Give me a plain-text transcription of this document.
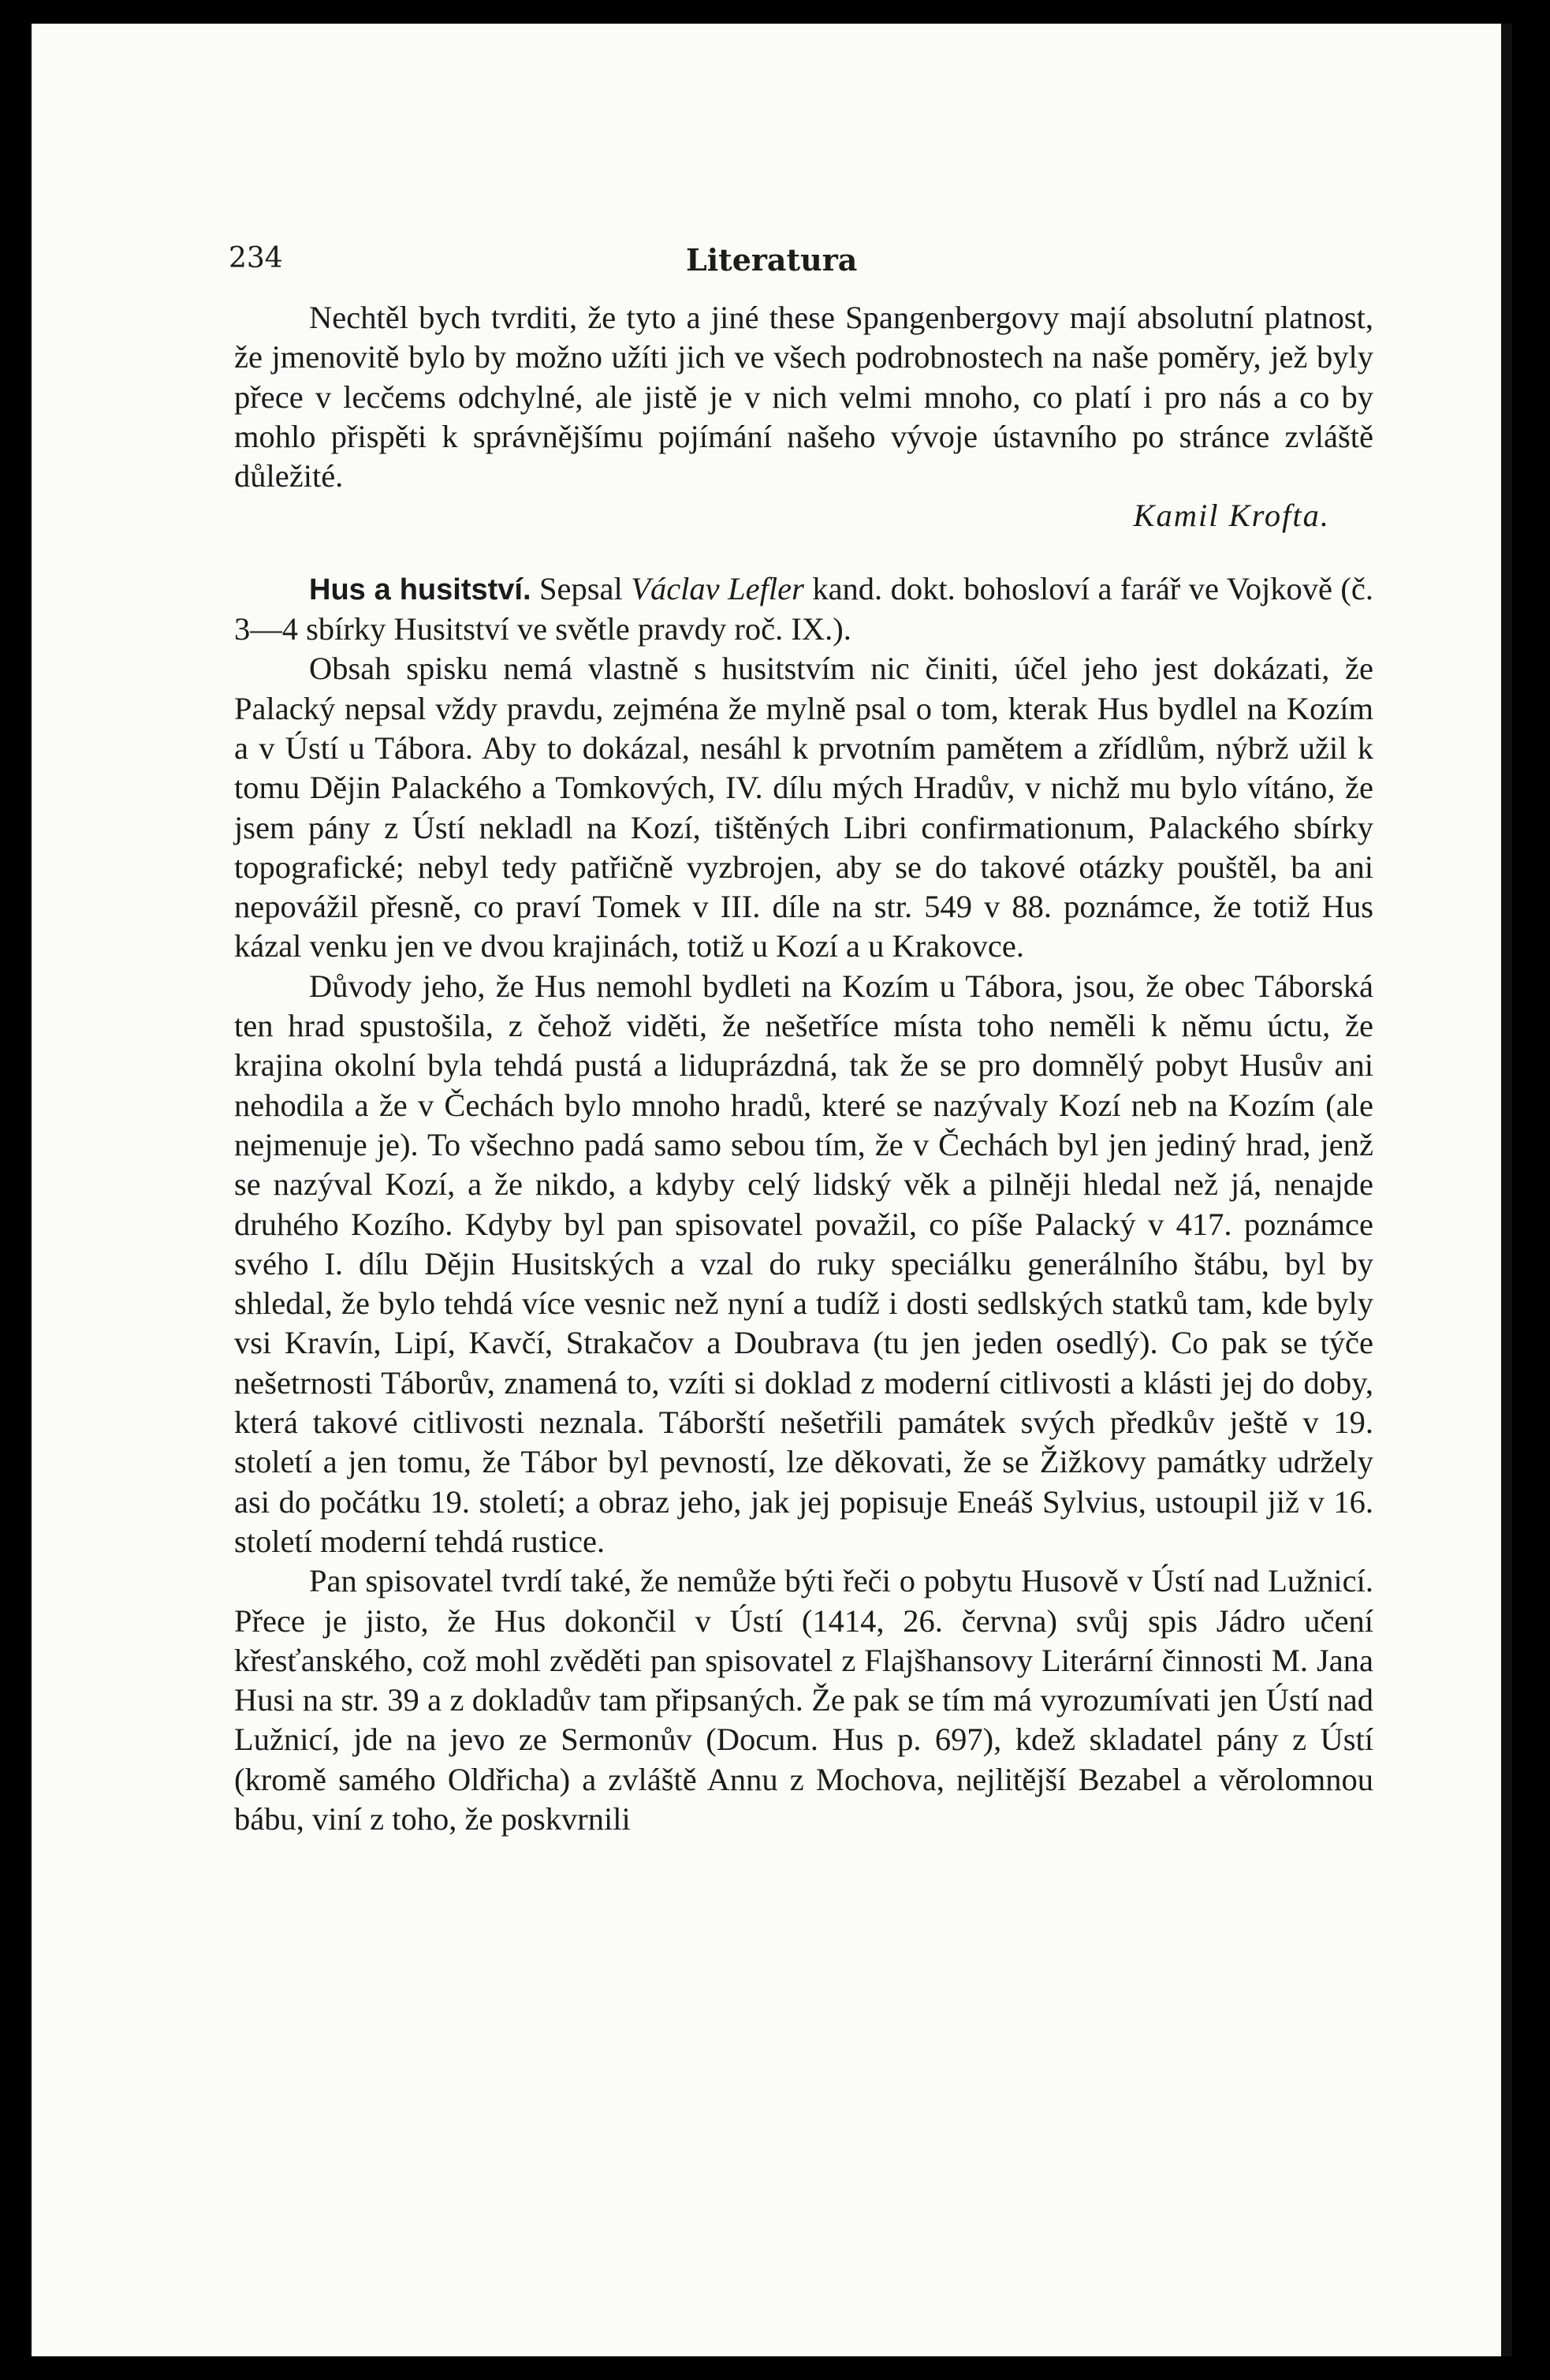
234	Literatura

Nechtěl bych tvrditi, že tyto a jiné these Spangenbergovy mají absolutní platnost, že jmenovitě bylo by možno užíti jich ve všech podrobnostech na naše poměry, jež byly přece v lecčems odchylné, ale jistě je v nich velmi mnoho, co platí i pro nás a co by mohlo přispěti k správnějšímu pojímání našeho vývoje ústavního po stránce zvláště důležité.

Kamil Krofta.

Hus a husitství. Sepsal Václav Lefler kand. dokt. bohosloví a farář ve Vojkově (č. 3—4 sbírky Husitství ve světle pravdy roč. IX.).

Obsah spisku nemá vlastně s husitstvím nic činiti, účel jeho jest dokázati, že Palacký nepsal vždy pravdu, zejména že mylně psal o tom, kterak Hus bydlel na Kozím a v Ústí u Tábora. Aby to dokázal, nesáhl k prvotním pamětem a zřídlům, nýbrž užil k tomu Dějin Palackého a Tomkových, IV. dílu mých Hradův, v nichž mu bylo vítáno, že jsem pány z Ústí nekladl na Kozí, tištěných Libri confirmationum, Palackého sbírky topografické; nebyl tedy patřičně vyzbrojen, aby se do takové otázky pouštěl, ba ani nepovážil přesně, co praví Tomek v III. díle na str. 549 v 88. poznámce, že totiž Hus kázal venku jen ve dvou krajinách, totiž u Kozí a u Krakovce.

Důvody jeho, že Hus nemohl bydleti na Kozím u Tábora, jsou, že obec Táborská ten hrad spustošila, z čehož viděti, že nešetříce místa toho neměli k němu úctu, že krajina okolní byla tehdá pustá a liduprázdná, tak že se pro domnělý pobyt Husův ani nehodila a že v Čechách bylo mnoho hradů, které se nazývaly Kozí neb na Kozím (ale nejmenuje je). To všechno padá samo sebou tím, že v Čechách byl jen jediný hrad, jenž se nazýval Kozí, a že nikdo, a kdyby celý lidský věk a pilněji hledal než já, nenajde druhého Kozího. Kdyby byl pan spisovatel považil, co píše Palacký v 417. poznámce svého I. dílu Dějin Husitských a vzal do ruky speciálku generálního štábu, byl by shledal, že bylo tehdá více vesnic než nyní a tudíž i dosti sedlských statků tam, kde byly vsi Kravín, Lipí, Kavčí, Strakačov a Doubrava (tu jen jeden osedlý). Co pak se týče nešetrnosti Táborův, znamená to, vzíti si doklad z moderní citlivosti a klásti jej do doby, která takové citlivosti neznala. Táborští nešetřili památek svých předkův ještě v 19. století a jen tomu, že Tábor byl pevností, lze děkovati, že se Žižkovy památky udržely asi do počátku 19. století; a obraz jeho, jak jej popisuje Eneáš Sylvius, ustoupil již v 16. století moderní tehdá rustice.

Pan spisovatel tvrdí také, že nemůže býti řeči o pobytu Husově v Ústí nad Lužnicí. Přece je jisto, že Hus dokončil v Ústí (1414, 26. června) svůj spis Jádro učení křesťanského, což mohl zvěděti pan spisovatel z Flajšhansovy Literární činnosti M. Jana Husi na str. 39 a z dokladův tam připsaných. Že pak se tím má vyrozumívati jen Ústí nad Lužnicí, jde na jevo ze Sermonův (Docum. Hus p. 697), kdež skladatel pány z Ústí (kromě samého Oldřicha) a zvláště Annu z Mochova, nejlitější Bezabel a věrolomnou bábu, viní z toho, že poskvrnili
